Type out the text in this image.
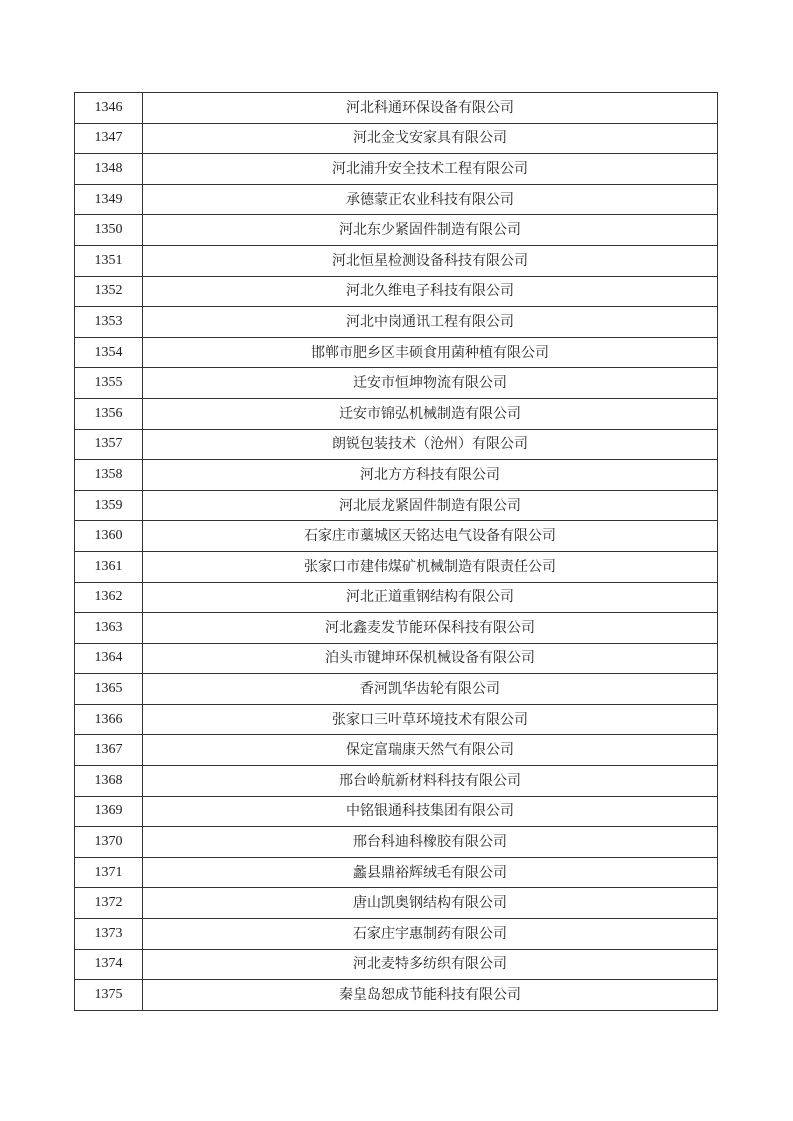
1346	河北科通环保设备有限公司
1347	河北金戈安家具有限公司
1348	河北浦升安全技术工程有限公司
1349	承德蒙正农业科技有限公司
1350	河北东少紧固件制造有限公司
1351	河北恒星检测设备科技有限公司
1352	河北久维电子科技有限公司
1353	河北中岗通讯工程有限公司
1354	邯郸市肥乡区丰硕食用菌种植有限公司
1355	迁安市恒坤物流有限公司
1356	迁安市锦弘机械制造有限公司
1357	朗锐包装技术（沧州）有限公司
1358	河北方方科技有限公司
1359	河北辰龙紧固件制造有限公司
1360	石家庄市藁城区天铭达电气设备有限公司
1361	张家口市建伟煤矿机械制造有限责任公司
1362	河北正道重钢结构有限公司
1363	河北鑫麦发节能环保科技有限公司
1364	泊头市键坤环保机械设备有限公司
1365	香河凯华齿轮有限公司
1366	张家口三叶草环境技术有限公司
1367	保定富瑞康天然气有限公司
1368	邢台岭航新材料科技有限公司
1369	中铭银通科技集团有限公司
1370	邢台科迪科橡胶有限公司
1371	蠡县鼎裕辉绒毛有限公司
1372	唐山凯奥钢结构有限公司
1373	石家庄宇惠制药有限公司
1374	河北麦特多纺织有限公司
1375	秦皇岛恕成节能科技有限公司
